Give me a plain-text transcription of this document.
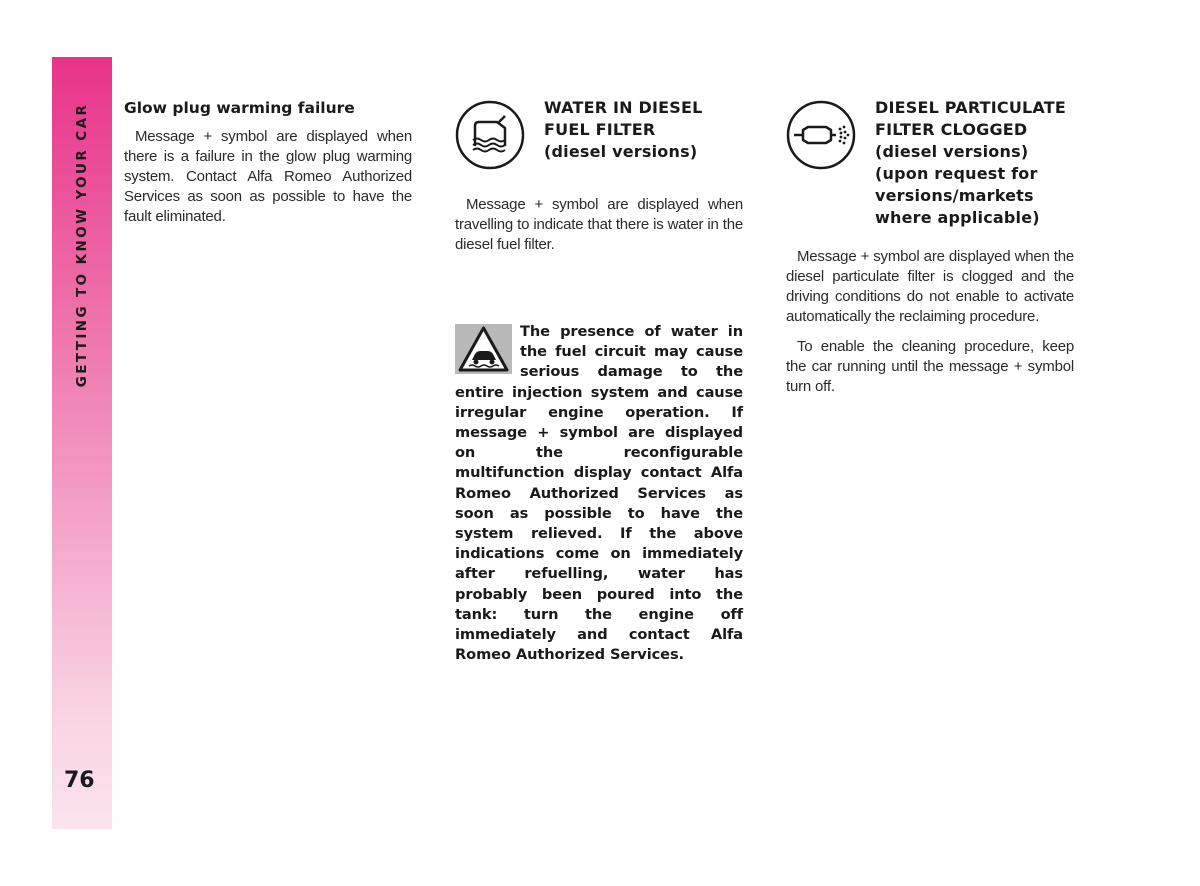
GETTING TO KNOW YOUR CAR
76
Glow plug warming failure

Message + symbol are displayed when there is a failure in the glow plug warming system. Contact Alfa Romeo Authorized Services as soon as possible to have the fault eliminated.

WATER IN DIESEL
FUEL FILTER
(diesel versions)

Message + symbol are displayed when travelling to indicate that there is water in the diesel fuel filter.

The presence of water in the fuel circuit may cause serious damage to the entire injection system and cause irregular engine operation. If message + symbol are displayed on the reconfigurable multifunction display contact Alfa Romeo Authorized Services as soon as possible to have the system relieved. If the above indications come on immediately after refuelling, water has probably been poured into the tank: turn the engine off immediately and contact Alfa Romeo Authorized Services.
DIESEL PARTICULATE
FILTER CLOGGED
(diesel versions)
(upon request for
versions/markets
where applicable)

Message + symbol are displayed when the diesel particulate filter is clogged and the driving conditions do not enable to activate automatically the reclaiming procedure.

To enable the cleaning procedure, keep the car running until the message + symbol turn off.
